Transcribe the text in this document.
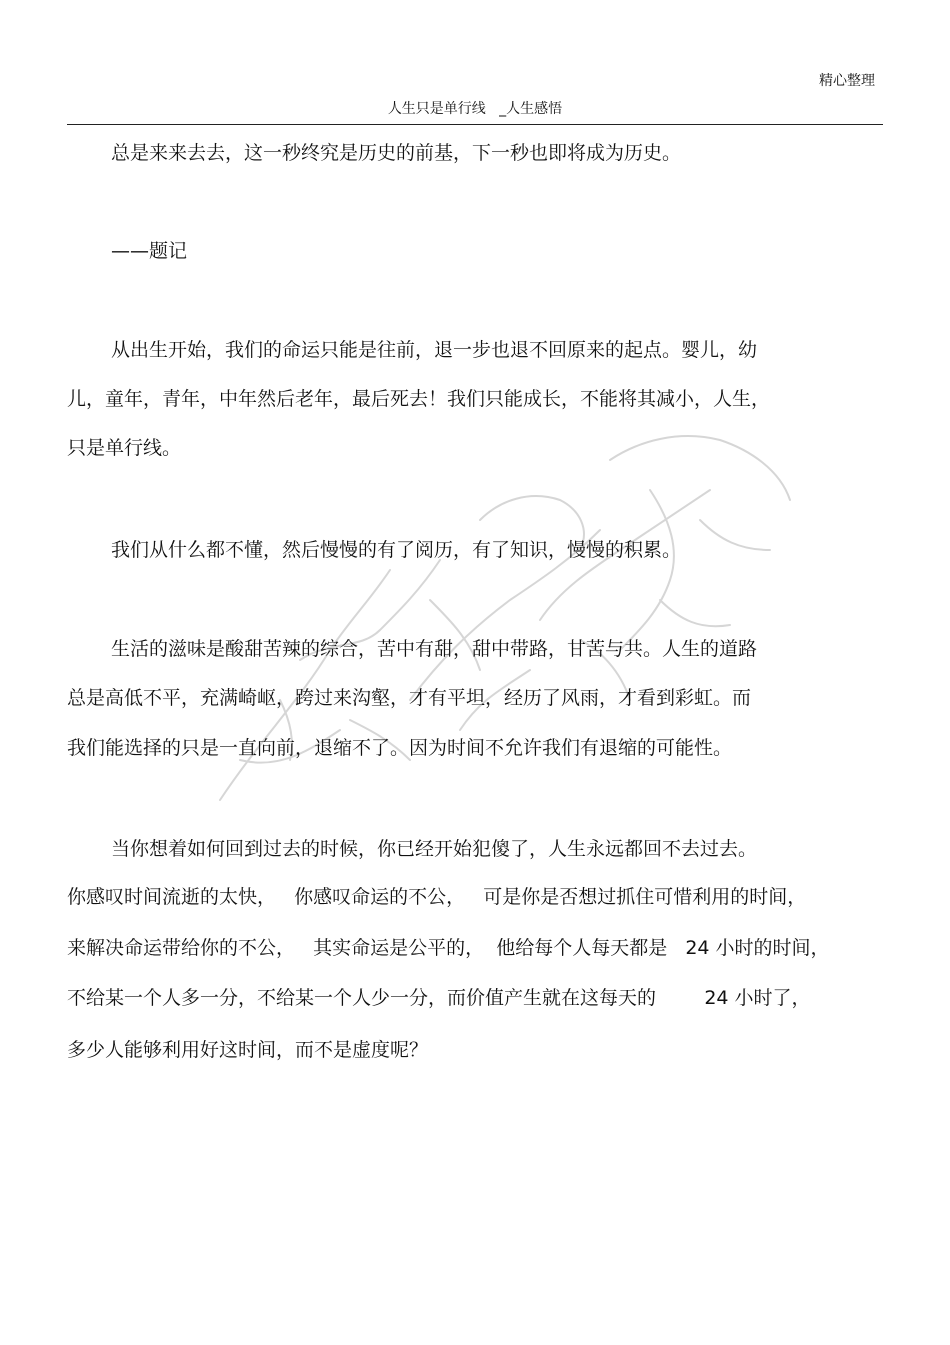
精心整理
人生只是单行线   _人生感悟
总是来来去去，这一秒终究是历史的前基，下一秒也即将成为历史。
——题记
从出生开始，我们的命运只能是往前，退一步也退不回原来的起点。婴儿，幼
儿，童年，青年，中年然后老年，最后死去！我们只能成长，不能将其减小，人生，
只是单行线。
我们从什么都不懂，然后慢慢的有了阅历，有了知识，慢慢的积累。
生活的滋味是酸甜苦辣的综合，苦中有甜，甜中带路，甘苦与共。人生的道路
总是高低不平，充满崎岖，跨过来沟壑，才有平坦，经历了风雨，才看到彩虹。而
我们能选择的只是一直向前，退缩不了。因为时间不允许我们有退缩的可能性。
当你想着如何回到过去的时候，你已经开始犯傻了，人生永远都回不去过去。
你感叹时间流逝的太快，   你感叹命运的不公，   可是你是否想过抓住可惜利用的时间，
来解决命运带给你的不公，   其实命运是公平的，  他给每个人每天都是   24 小时的时间，
不给某一个人多一分，不给某一个人少一分，而价值产生就在这每天的        24 小时了，
多少人能够利用好这时间，而不是虚度呢？
